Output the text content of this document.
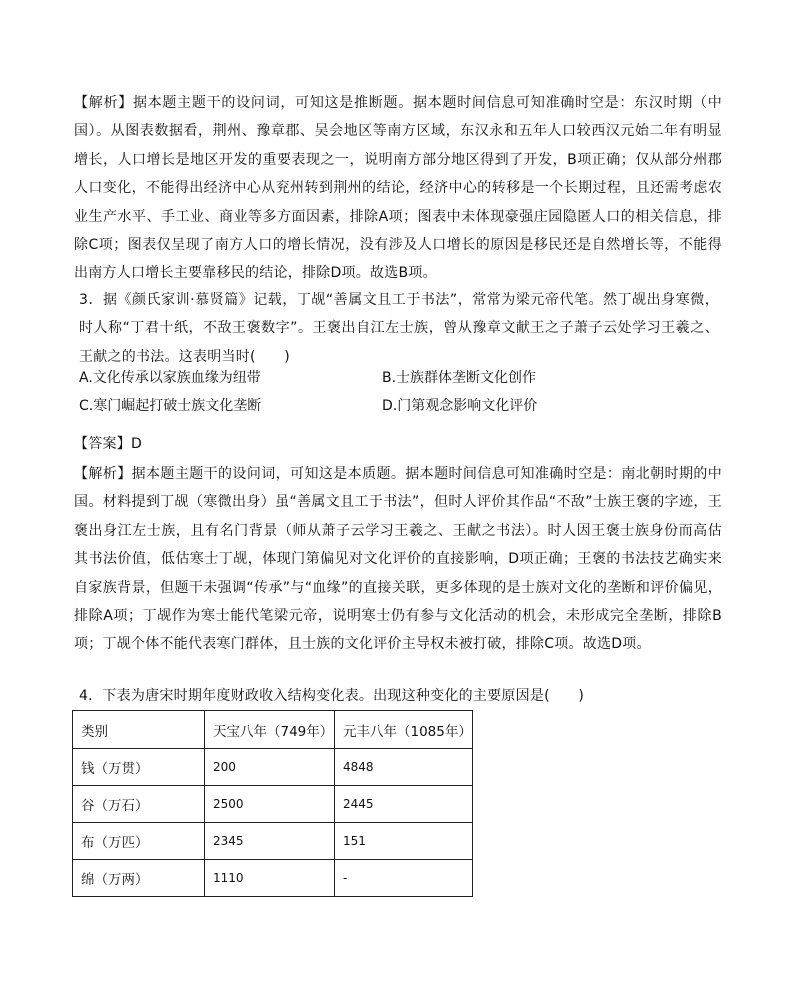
【解析】据本题主题干的设问词，可知这是推断题。据本题时间信息可知准确时空是：东汉时期（中国）。从图表数据看，荆州、豫章郡、吴会地区等南方区域，东汉永和五年人口较西汉元始二年有明显增长，人口增长是地区开发的重要表现之一，说明南方部分地区得到了开发，B项正确；仅从部分州郡人口变化，不能得出经济中心从兖州转到荆州的结论，经济中心的转移是一个长期过程，且还需考虑农业生产水平、手工业、商业等多方面因素，排除A项；图表中未体现豪强庄园隐匿人口的相关信息，排除C项；图表仅呈现了南方人口的增长情况，没有涉及人口增长的原因是移民还是自然增长等，不能得出南方人口增长主要靠移民的结论，排除D项。故选B项。

3．据《颜氏家训·慕贤篇》记载，丁觇“善属文且工于书法”，常常为梁元帝代笔。然丁觇出身寒微，时人称“丁君十纸，不敌王褒数字”。王褒出自江左士族，曾从豫章文献王之子萧子云处学习王羲之、王献之的书法。这表明当时(　　)

A.文化传承以家族血缘为纽带	B.士族群体垄断文化创作
C.寒门崛起打破士族文化垄断	D.门第观念影响文化评价

【答案】D

【解析】据本题主题干的设问词，可知这是本质题。据本题时间信息可知准确时空是：南北朝时期的中国。材料提到丁觇（寒微出身）虽“善属文且工于书法”，但时人评价其作品“不敌”士族王褒的字迹，王褒出身江左士族，且有名门背景（师从萧子云学习王羲之、王献之书法）。时人因王褒士族身份而高估其书法价值，低估寒士丁觇，体现门第偏见对文化评价的直接影响，D项正确；王褒的书法技艺确实来自家族背景，但题干未强调“传承”与“血缘”的直接关联，更多体现的是士族对文化的垄断和评价偏见，排除A项；丁觇作为寒士能代笔梁元帝，说明寒士仍有参与文化活动的机会，未形成完全垄断，排除B项；丁觇个体不能代表寒门群体，且士族的文化评价主导权未被打破，排除C项。故选D项。

4．下表为唐宋时期年度财政收入结构变化表。出现这种变化的主要原因是(　　)

类别	天宝八年（749年）	元丰八年（1085年）
钱（万贯）	200	4848
谷（万石）	2500	2445
布（万匹）	2345	151
绵（万两）	1110	-
